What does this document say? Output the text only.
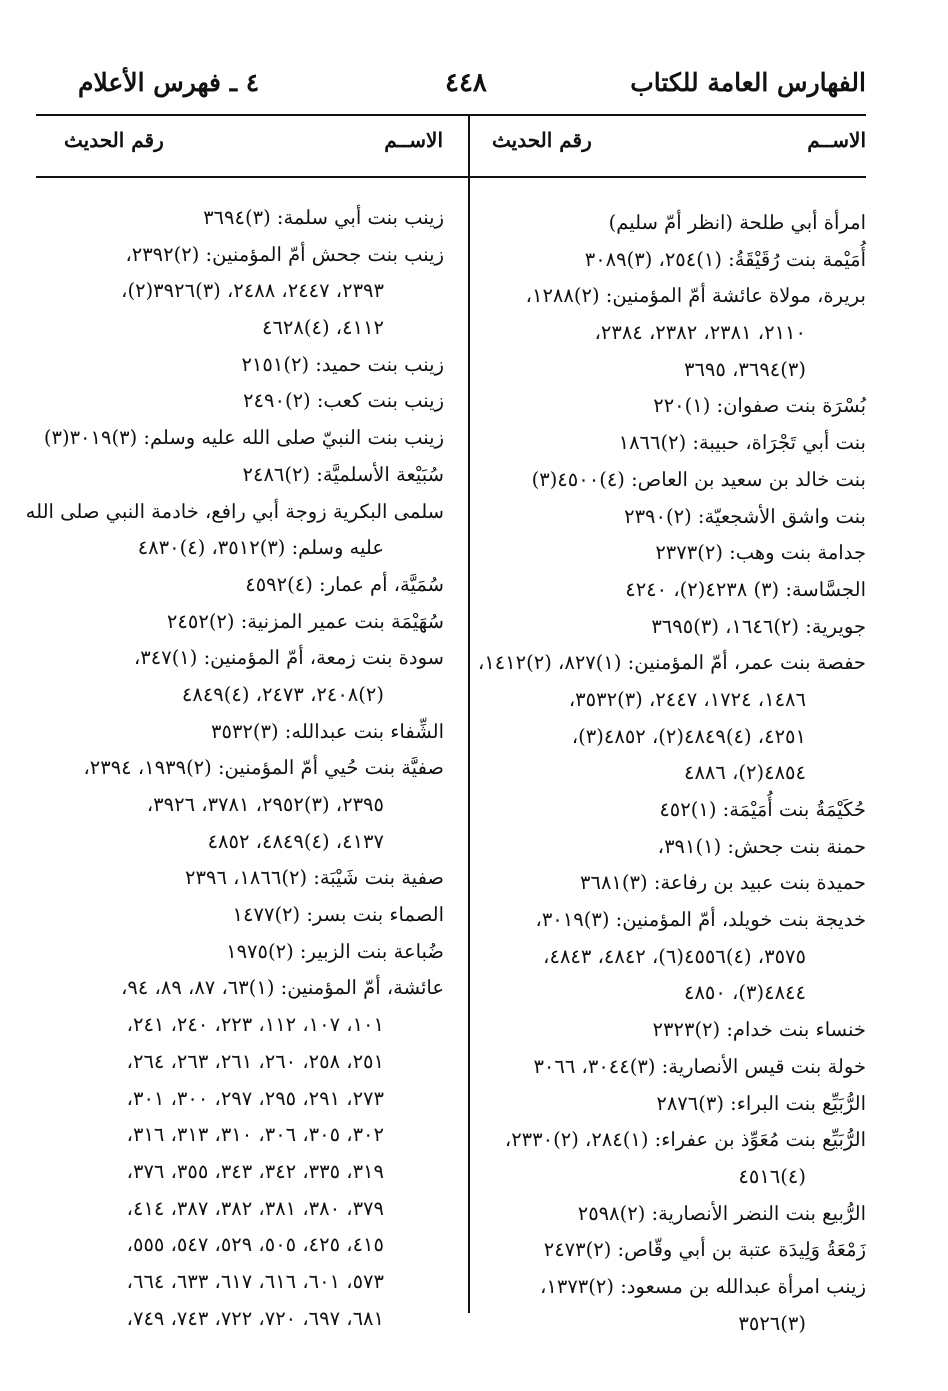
الفهارس العامة للكتاب
٤٤٨
٤ ـ فهرس الأعلام
الاســم
رقم الحديث
الاســم
رقم الحديث
امرأة أبي طلحة (انظر أمّ سليم)
أُمَيْمة بنت رُقَيْقَةُ: (١)٢٥٤، (٣)٣٠٨٩
بريرة، مولاة عائشة أمّ المؤمنين: (٢)١٢٨٨،
٢١١٠، ٢٣٨١، ٢٣٨٢، ٢٣٨٤،
(٣)٣٦٩٤، ٣٦٩٥
بُسْرَة بنت صفوان: (١)٢٢٠
بنت أبي تَجْرَاة، حبيبة: (٢)١٨٦٦
بنت خالد بن سعيد بن العاص: (٤)٤٥٠٠(٣)
بنت واشق الأشجعيّة: (٢)٢٣٩٠
جدامة بنت وهب: (٢)٢٣٧٣
الجسَّاسة: (٣) ٤٢٣٨(٢)، ٤٢٤٠
جويرية: (٢)١٦٤٦، (٣)٣٦٩٥
حفصة بنت عمر، أمّ المؤمنين: (١)٨٢٧، (٢)١٤١٢،
١٤٨٦، ١٧٢٤، ٢٤٤٧، (٣)٣٥٣٢،
٤٢٥١، (٤)٤٨٤٩(٢)، ٤٨٥٢(٣)،
٤٨٥٤(٢)، ٤٨٨٦
حُكَيْمَةُ بنت أُمَيْمَة: (١)٤٥٢
حمنة بنت جحش: (١)٣٩١،
حميدة بنت عبيد بن رفاعة: (٣)٣٦٨١
خديجة بنت خويلد، أمّ المؤمنين: (٣)٣٠١٩،
٣٥٧٥، (٤)٤٥٥٦(٦)، ٤٨٤٢، ٤٨٤٣،
٤٨٤٤(٣)، ٤٨٥٠
خنساء بنت خدام: (٢)٢٣٢٣
خولة بنت قيس الأنصارية: (٣)٣٠٤٤، ٣٠٦٦
الرُّبَيِّع بنت البراء: (٣)٢٨٧٦
الرُّبَيِّع بنت مُعَوِّذ بن عفراء: (١)٢٨٤، (٢)٢٣٣٠،
(٤)٤٥١٦
الرُّبيع بنت النضر الأنصارية: (٢)٢٥٩٨
زَمْعَةُ وَلِيدَة عتبة بن أبي وقّاص: (٢)٢٤٧٣
زينب امرأة عبدالله بن مسعود: (٢)١٣٧٣،
(٣)٣٥٢٦
زينب بنت أبي سلمة: (٣)٣٦٩٤
زينب بنت جحش أمّ المؤمنين: (٢)٢٣٩٢،
٢٣٩٣، ٢٤٤٧، ٢٤٨٨، (٣)٣٩٢٦(٢)،
٤١١٢، (٤)٤٦٢٨
زينب بنت حميد: (٢)٢١٥١
زينب بنت كعب: (٢)٢٤٩٠
زينب بنت النبيّ صلى الله عليه وسلم: (٣)٣٠١٩(٣)
سُبَيْعة الأسلميَّة: (٢)٢٤٨٦
سلمى البكرية زوجة أبي رافع، خادمة النبي صلى الله
عليه وسلم: (٣)٣٥١٢، (٤)٤٨٣٠
سُمَيَّة، أم عمار: (٤)٤٥٩٢
سُهَيْمَة بنت عمير المزنية: (٢)٢٤٥٢
سودة بنت زمعة، أمّ المؤمنين: (١)٣٤٧،
(٢)٢٤٠٨، ٢٤٧٣، (٤)٤٨٤٩
الشِّفاء بنت عبدالله: (٣)٣٥٣٢
صفيَّة بنت حُيي أمّ المؤمنين: (٢)١٩٣٩، ٢٣٩٤،
٢٣٩٥، (٣)٢٩٥٢، ٣٧٨١، ٣٩٢٦،
٤١٣٧، (٤)٤٨٤٩، ٤٨٥٢
صفية بنت شَيْبَة: (٢)١٨٦٦، ٢٣٩٦
الصماء بنت بسر: (٢)١٤٧٧
ضُباعة بنت الزبير: (٢)١٩٧٥
عائشة، أمّ المؤمنين: (١)٦٣، ٨٧، ٨٩، ٩٤،
١٠١، ١٠٧، ١١٢، ٢٢٣، ٢٤٠، ٢٤١،
٢٥١، ٢٥٨، ٢٦٠، ٢٦١، ٢٦٣، ٢٦٤،
٢٧٣، ٢٩١، ٢٩٥، ٢٩٧، ٣٠٠، ٣٠١،
٣٠٢، ٣٠٥، ٣٠٦، ٣١٠، ٣١٣، ٣١٦،
٣١٩، ٣٣٥، ٣٤٢، ٣٤٣، ٣٥٥، ٣٧٦،
٣٧٩، ٣٨٠، ٣٨١، ٣٨٢، ٣٨٧، ٤١٤،
٤١٥، ٤٢٥، ٥٠٥، ٥٢٩، ٥٤٧، ٥٥٥،
٥٧٣، ٦٠١، ٦١٦، ٦١٧، ٦٣٣، ٦٦٤،
٦٨١، ٦٩٧، ٧٢٠، ٧٢٢، ٧٤٣، ٧٤٩،
